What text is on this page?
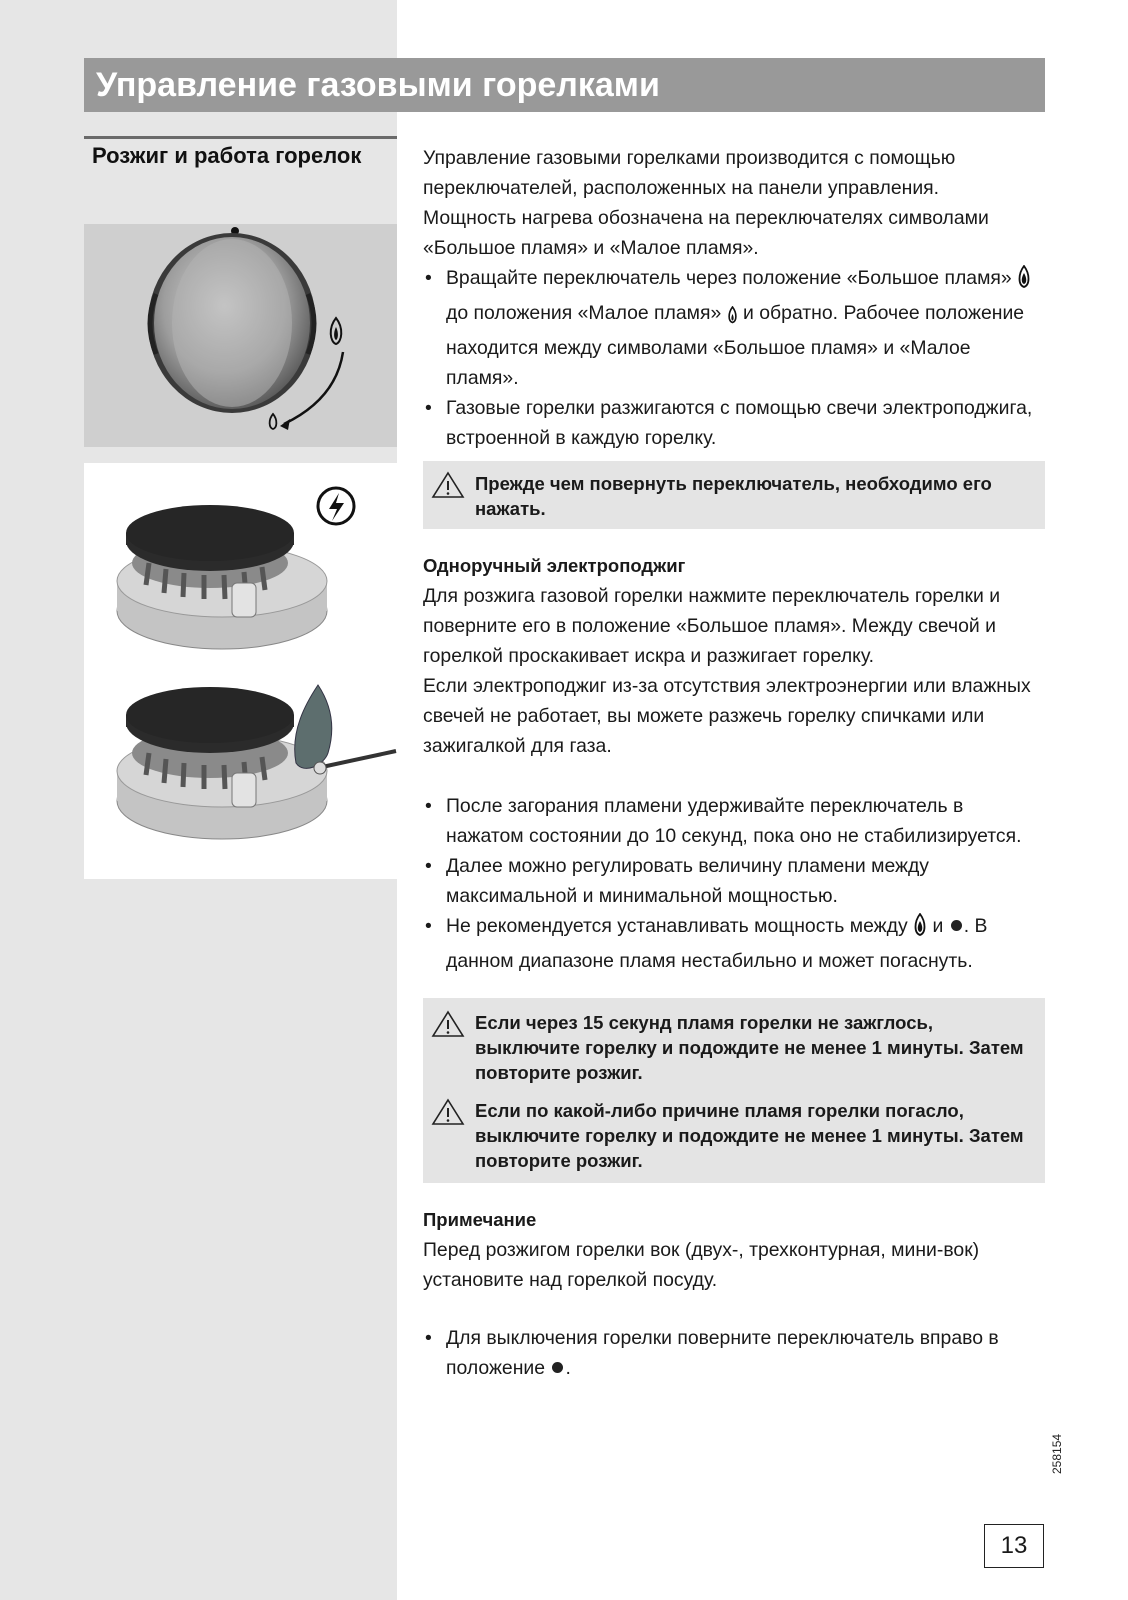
Управление газовыми горелками
Розжиг и работа горелок	Управление газовыми горелками производится с помощью переключателей, расположенных на панели управления.

Мощность нагрева обозначена на переключателях символами «Большое пламя» и «Малое пламя».

• Вращайте переключатель через положение «Большое пламя»  до положения «Малое пламя» и обратно. Рабочее положение находится между символами «Большое пламя» и «Малое пламя».
• Газовые горелки разжигаются с помощью свечи электроподжига, встроенной в каждую горелку.
Прежде чем повернуть переключатель, необходимо его нажать.

Одноручный электроподжиг

Для розжига газовой горелки нажмите переключатель горелки и поверните его в положение «Большое пламя». Между свечой и горелкой проскакивает искра и разжигает горелку.

Если электроподжиг из-за отсутствия электроэнергии или влажных свечей не работает, вы можете разжечь горелку спичками или зажигалкой для газа.

• После загорания пламени удерживайте переключатель в нажатом состоянии до 10 секунд, пока оно не стабилизируется.
• Далее можно регулировать величину пламени между максимальной и минимальной мощностью.
• Не рекомендуется устанавливать мощность между и . В данном диапазоне пламя нестабильно и может погаснуть.
Если через 15 секунд пламя горелки не зажглось, выключите горелку и подождите не менее 1 минуты. Затем повторите розжиг.
Если по какой-либо причине пламя горелки погасло, выключите горелку и подождите не менее 1 минуты. Затем повторите розжиг.

Примечание

Перед розжигом горелки вок (двух-, трехконтурная, мини-вок) установите над горелкой посуду.

• Для выключения горелки поверните переключатель вправо в положение .
258154
13
